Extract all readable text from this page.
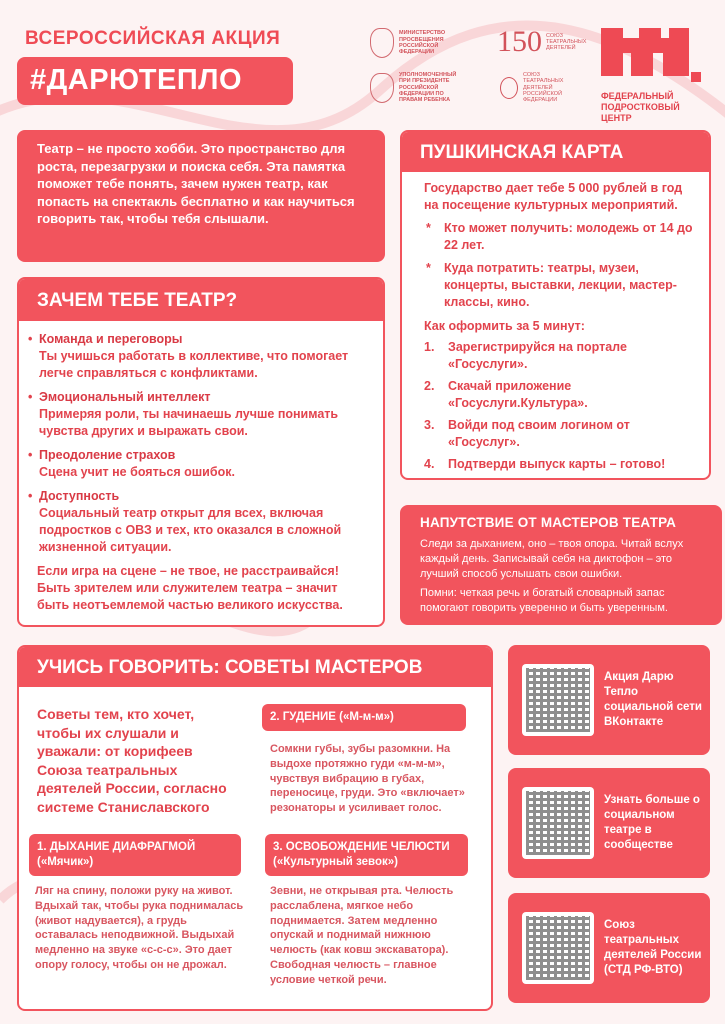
ВСЕРОССИЙСКАЯ АКЦИЯ
#ДАРЮТЕПЛО
МИНИСТЕРСТВО ПРОСВЕЩЕНИЯ РОССИЙСКОЙ ФЕДЕРАЦИИ
УПОЛНОМОЧЕННЫЙ ПРИ ПРЕЗИДЕНТЕ РОССИЙСКОЙ ФЕДЕРАЦИИ ПО ПРАВАМ РЕБЕНКА
150 СОЮЗ ТЕАТРАЛЬНЫХ ДЕЯТЕЛЕЙ
СОЮЗ ТЕАТРАЛЬНЫХ ДЕЯТЕЛЕЙ РОССИЙСКОЙ ФЕДЕРАЦИИ	ФЕДЕРАЛЬНЫЙ ПОДРОСТКОВЫЙ ЦЕНТР
Театр – не просто хобби. Это пространство для роста, перезагрузки и поиска себя. Эта памятка поможет тебе понять, зачем нужен театр, как попасть на спектакль бесплатно и как научиться говорить так, чтобы тебя слышали.
ЗАЧЕМ ТЕБЕ ТЕАТР?
• Команда и переговоры
Ты учишься работать в коллективе, что помогает легче справляться с конфликтами.
• Эмоциональный интеллект
Примеряя роли, ты начинаешь лучше понимать чувства других и выражать свои.
• Преодоление страхов
Сцена учит не бояться ошибок.
• Доступность
Социальный театр открыт для всех, включая подростков с ОВЗ и тех, кто оказался в сложной жизненной ситуации.
Если игра на сцене – не твое, не расстраивайся! Быть зрителем или служителем театра – значит быть неотъемлемой частью великого искусства.
ПУШКИНСКАЯ КАРТА
Государство дает тебе 5 000 рублей в год на посещение культурных мероприятий.
* Кто может получить: молодежь от 14 до 22 лет.
* Куда потратить: театры, музеи, концерты, выставки, лекции, мастер-классы, кино.
Как оформить за 5 минут:
1. Зарегистрируйся на портале «Госуслуги».
2. Скачай приложение «Госуслуги.Культура».
3. Войди под своим логином от «Госуслуг».
4. Подтверди выпуск карты – готово!
НАПУТСТВИЕ ОТ МАСТЕРОВ ТЕАТРА

Следи за дыханием, оно – твоя опора. Читай вслух каждый день. Записывай себя на диктофон – это лучший способ услышать свои ошибки.

Помни: четкая речь и богатый словарный запас помогают говорить уверенно и быть уверенным.

УЧИСЬ ГОВОРИТЬ: СОВЕТЫ МАСТЕРОВ
Советы тем, кто хочет, чтобы их слушали и уважали: от корифеев Союза театральных деятелей России, согласно системе Станиславского
2. ГУДЕНИЕ («М-м-м»)
Сомкни губы, зубы разомкни. На выдохе протяжно гуди «м-м-м», чувствуя вибрацию в губах, переносице, груди. Это «включает» резонаторы и усиливает голос.
1. ДЫХАНИЕ ДИАФРАГМОЙ
(«Мячик»)
Ляг на спину, положи руку на живот. Вдыхай так, чтобы рука поднималась (живот надувается), а грудь оставалась неподвижной. Выдыхай медленно на звуке «с-с-с». Это дает опору голосу, чтобы он не дрожал.
3. ОСВОБОЖДЕНИЕ ЧЕЛЮСТИ
(«Культурный зевок»)
Зевни, не открывая рта. Челюсть расслаблена, мягкое небо поднимается. Затем медленно опускай и поднимай нижнюю челюсть (как ковш экскаватора). Свободная челюсть – главное условие четкой речи.
Акция Дарю Тепло социальной сети ВКонтакте
Узнать больше о социальном театре в сообществе
Союз театральных деятелей России (СТД РФ-ВТО)
